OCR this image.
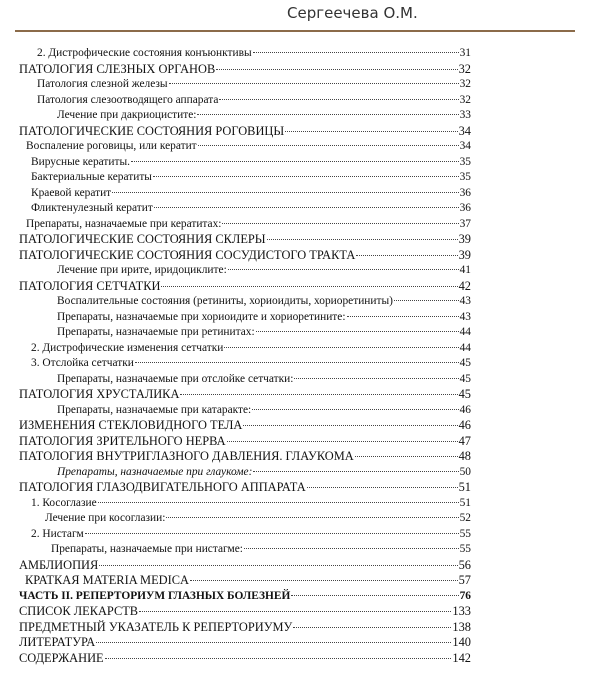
Сергеечева О.М.
2. Дистрофические состояния конъюнктивы	31
ПАТОЛОГИЯ СЛЕЗНЫХ ОРГАНОВ	32
Патология слезной железы	32
Патология слезоотводящего аппарата	32
Лечение при дакриоцистите:	33
ПАТОЛОГИЧЕСКИЕ СОСТОЯНИЯ РОГОВИЦЫ	34
Воспаление роговицы, или кератит	34
Вирусные кератиты.	35
Бактериальные кератиты	35
Краевой кератит	36
Фликтенулезный кератит	36
Препараты, назначаемые при кератитах:	37
ПАТОЛОГИЧЕСКИЕ СОСТОЯНИЯ СКЛЕРЫ	39
ПАТОЛОГИЧЕСКИЕ СОСТОЯНИЯ СОСУДИСТОГО ТРАКТА	39
Лечение при ирите, иридоциклите:	41
ПАТОЛОГИЯ СЕТЧАТКИ	42
Воспалительные состояния (ретиниты, хориоидиты, хориоретиниты)	43
Препараты, назначаемые при хориоидите и хориоретините:	43
Препараты, назначаемые при ретинитах:	44
2. Дистрофические изменения сетчатки	44
3. Отслойка сетчатки	45
Препараты, назначаемые при отслойке сетчатки:	45
ПАТОЛОГИЯ ХРУСТАЛИКА	45
Препараты, назначаемые при катаракте:	46
ИЗМЕНЕНИЯ СТЕКЛОВИДНОГО ТЕЛА	46
ПАТОЛОГИЯ ЗРИТЕЛЬНОГО НЕРВА	47
ПАТОЛОГИЯ ВНУТРИГЛАЗНОГО ДАВЛЕНИЯ. ГЛАУКОМА	48
Препараты, назначаемые при глаукоме:	50
ПАТОЛОГИЯ ГЛАЗОДВИГАТЕЛЬНОГО АППАРАТА	51
1. Косоглазие	51
Лечение при косоглазии:	52
2. Нистагм	55
Препараты, назначаемые при нистагме:	55
АМБЛИОПИЯ	56
КРАТКАЯ MATERIA MEDICA	57
ЧАСТЬ II. РЕПЕРТОРИУМ ГЛАЗНЫХ БОЛЕЗНЕЙ	76
СПИСОК ЛЕКАРСТВ	133
ПРЕДМЕТНЫЙ УКАЗАТЕЛЬ К РЕПЕРТОРИУМУ	138
ЛИТЕРАТУРА	140
СОДЕРЖАНИЕ	142
